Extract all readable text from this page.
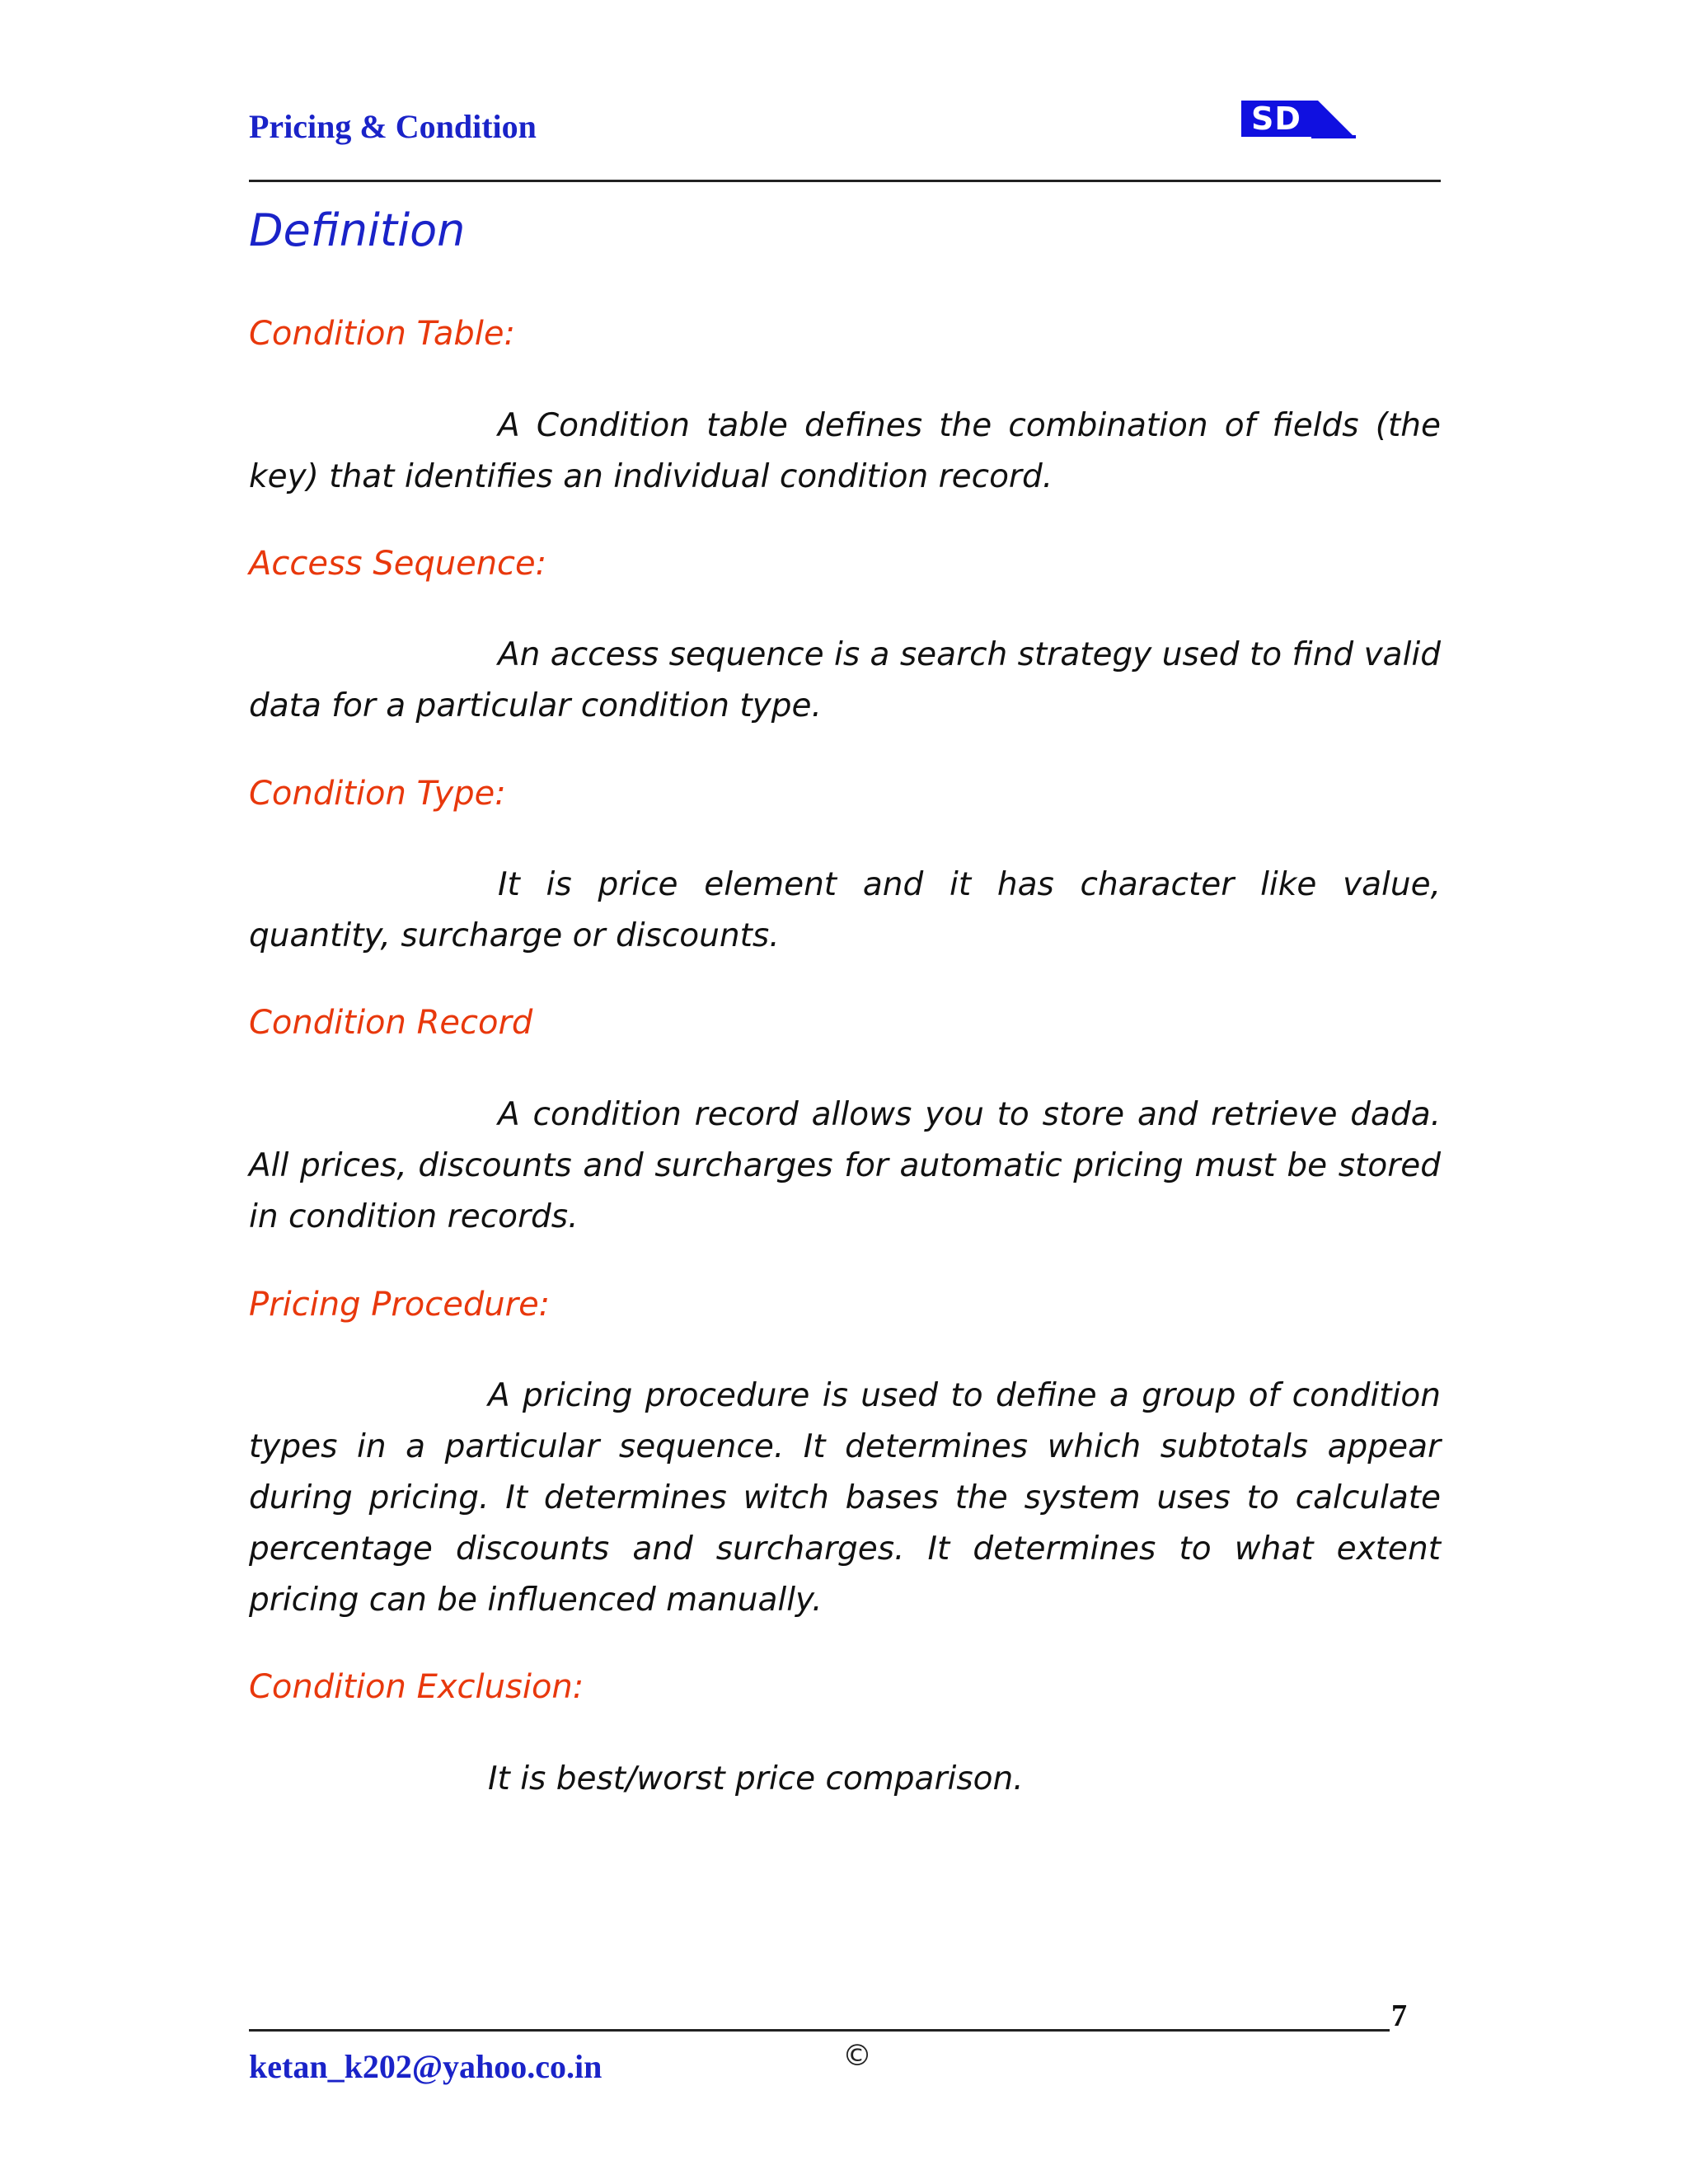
Pricing & Condition	SD
Definition
Condition Table:
A Condition table defines the combination of fields (the key) that identifies an individual condition record.
Access Sequence:
An access sequence is a search strategy used to find valid data for a particular condition type.
Condition Type:
It is price element and it has character like value, quantity, surcharge or discounts.
Condition Record
A condition record allows you to store and retrieve dada. All prices, discounts and surcharges for automatic pricing must be stored in condition records.
Pricing Procedure:
A pricing procedure is used to define a group of condition types in a particular sequence. It determines which subtotals appear during pricing. It determines witch bases the system uses to calculate percentage discounts and surcharges. It determines to what extent pricing can be influenced manually.
Condition Exclusion:
It is best/worst price comparison.
7
ketan_k202@yahoo.co.in	©
